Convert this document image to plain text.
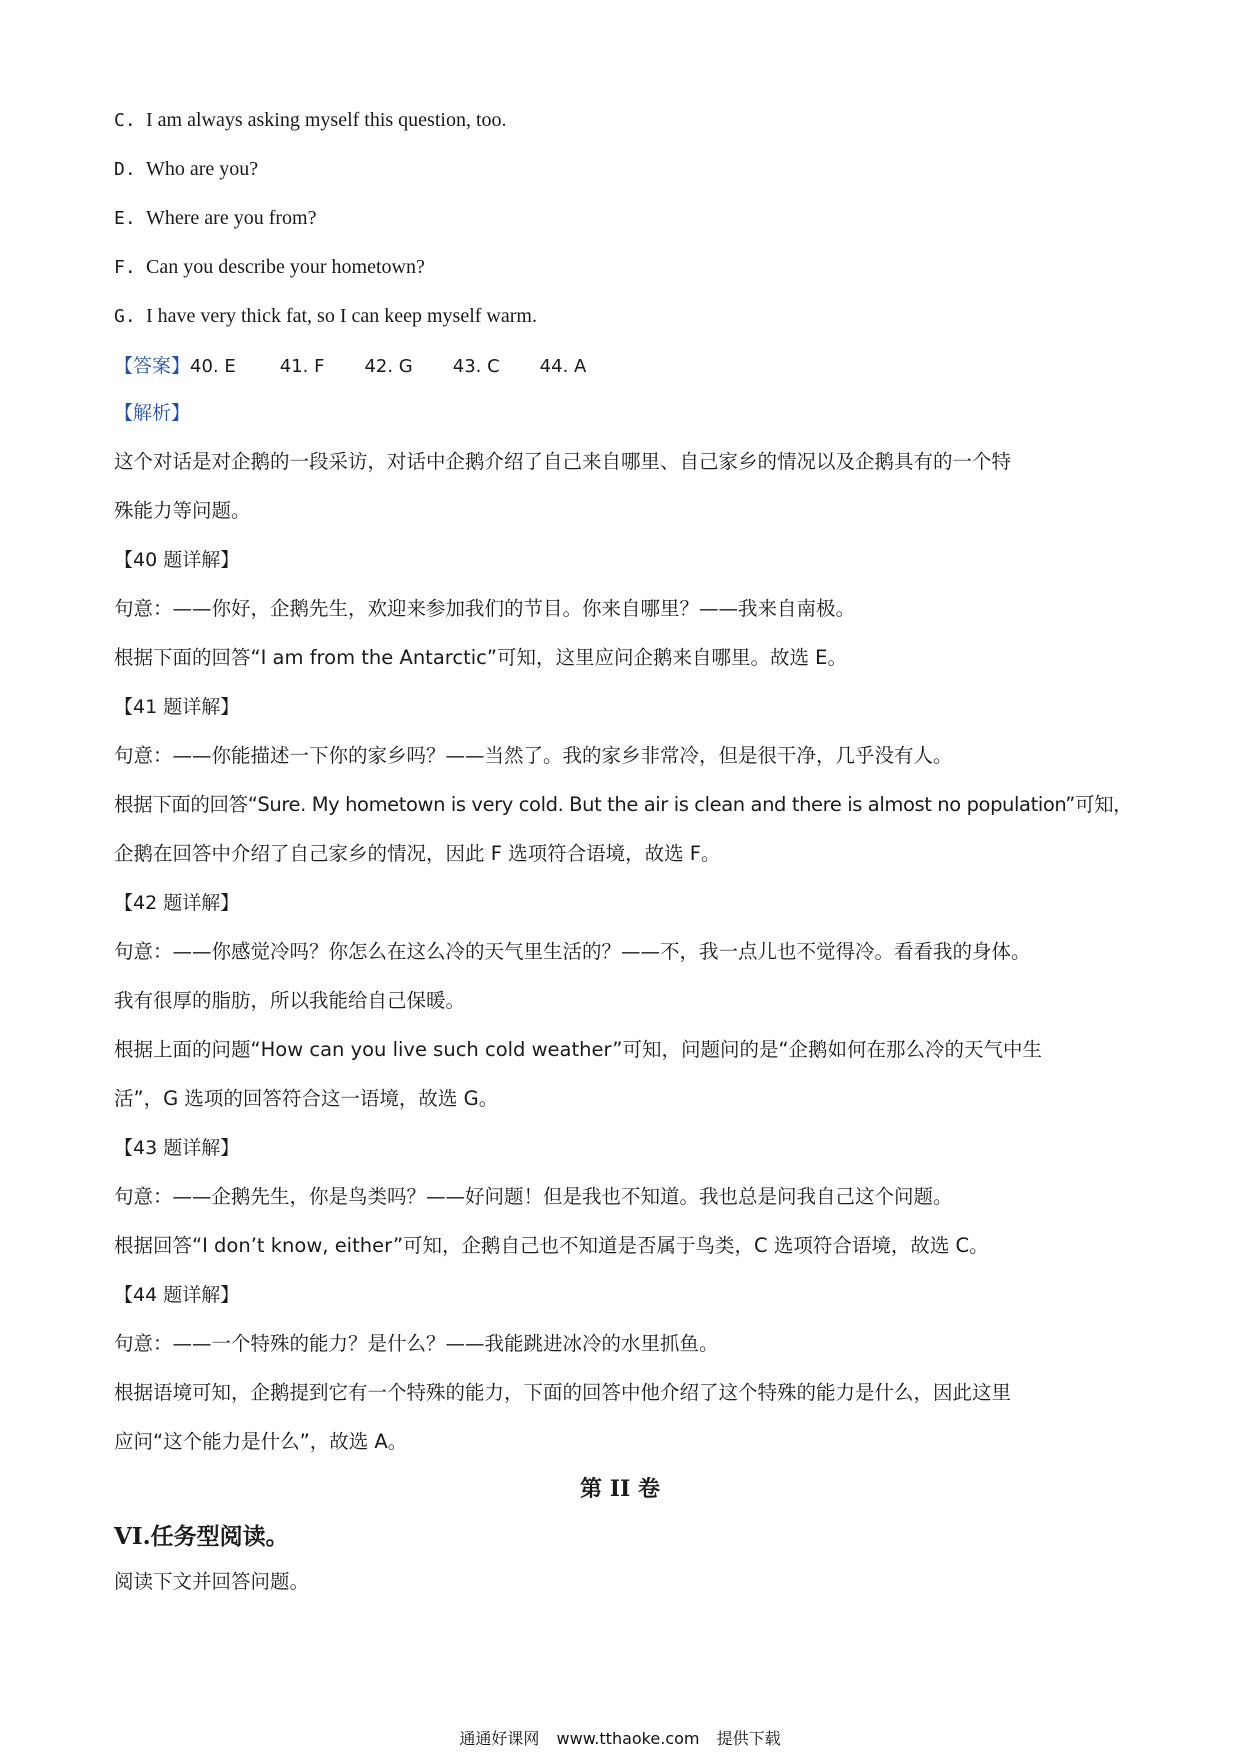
C. I am always asking myself this question, too.
D. Who are you?
E. Where are you from?
F. Can you describe your hometown?
G. I have very thick fat, so I can keep myself warm.
【答案】40. E 41. F 42. G 43. C 44. A
【解析】
这个对话是对企鹅的一段采访，对话中企鹅介绍了自己来自哪里、自己家乡的情况以及企鹅具有的一个特
殊能力等问题。
【40 题详解】
句意：——你好，企鹅先生，欢迎来参加我们的节目。你来自哪里？——我来自南极。
根据下面的回答“I am from the Antarctic”可知，这里应问企鹅来自哪里。故选 E。
【41 题详解】
句意：——你能描述一下你的家乡吗？——当然了。我的家乡非常冷，但是很干净，几乎没有人。
根据下面的回答“Sure. My hometown is very cold. But the air is clean and there is almost no population”可知，
企鹅在回答中介绍了自己家乡的情况，因此 F 选项符合语境，故选 F。
【42 题详解】
句意：——你感觉冷吗？你怎么在这么冷的天气里生活的？——不，我一点儿也不觉得冷。看看我的身体。
我有很厚的脂肪，所以我能给自己保暖。
根据上面的问题“How can you live such cold weather”可知，问题问的是“企鹅如何在那么冷的天气中生
活”，G 选项的回答符合这一语境，故选 G。
【43 题详解】
句意：——企鹅先生，你是鸟类吗？——好问题！但是我也不知道。我也总是问我自己这个问题。
根据回答“I don’t know, either”可知，企鹅自己也不知道是否属于鸟类，C 选项符合语境，故选 C。
【44 题详解】
句意：——一个特殊的能力？是什么？——我能跳进冰冷的水里抓鱼。
根据语境可知，企鹅提到它有一个特殊的能力，下面的回答中他介绍了这个特殊的能力是什么，因此这里
应问“这个能力是什么”，故选 A。
第 II 卷
VI.任务型阅读。
阅读下文并回答问题。
通通好课网 www.tthaoke.com 提供下载
